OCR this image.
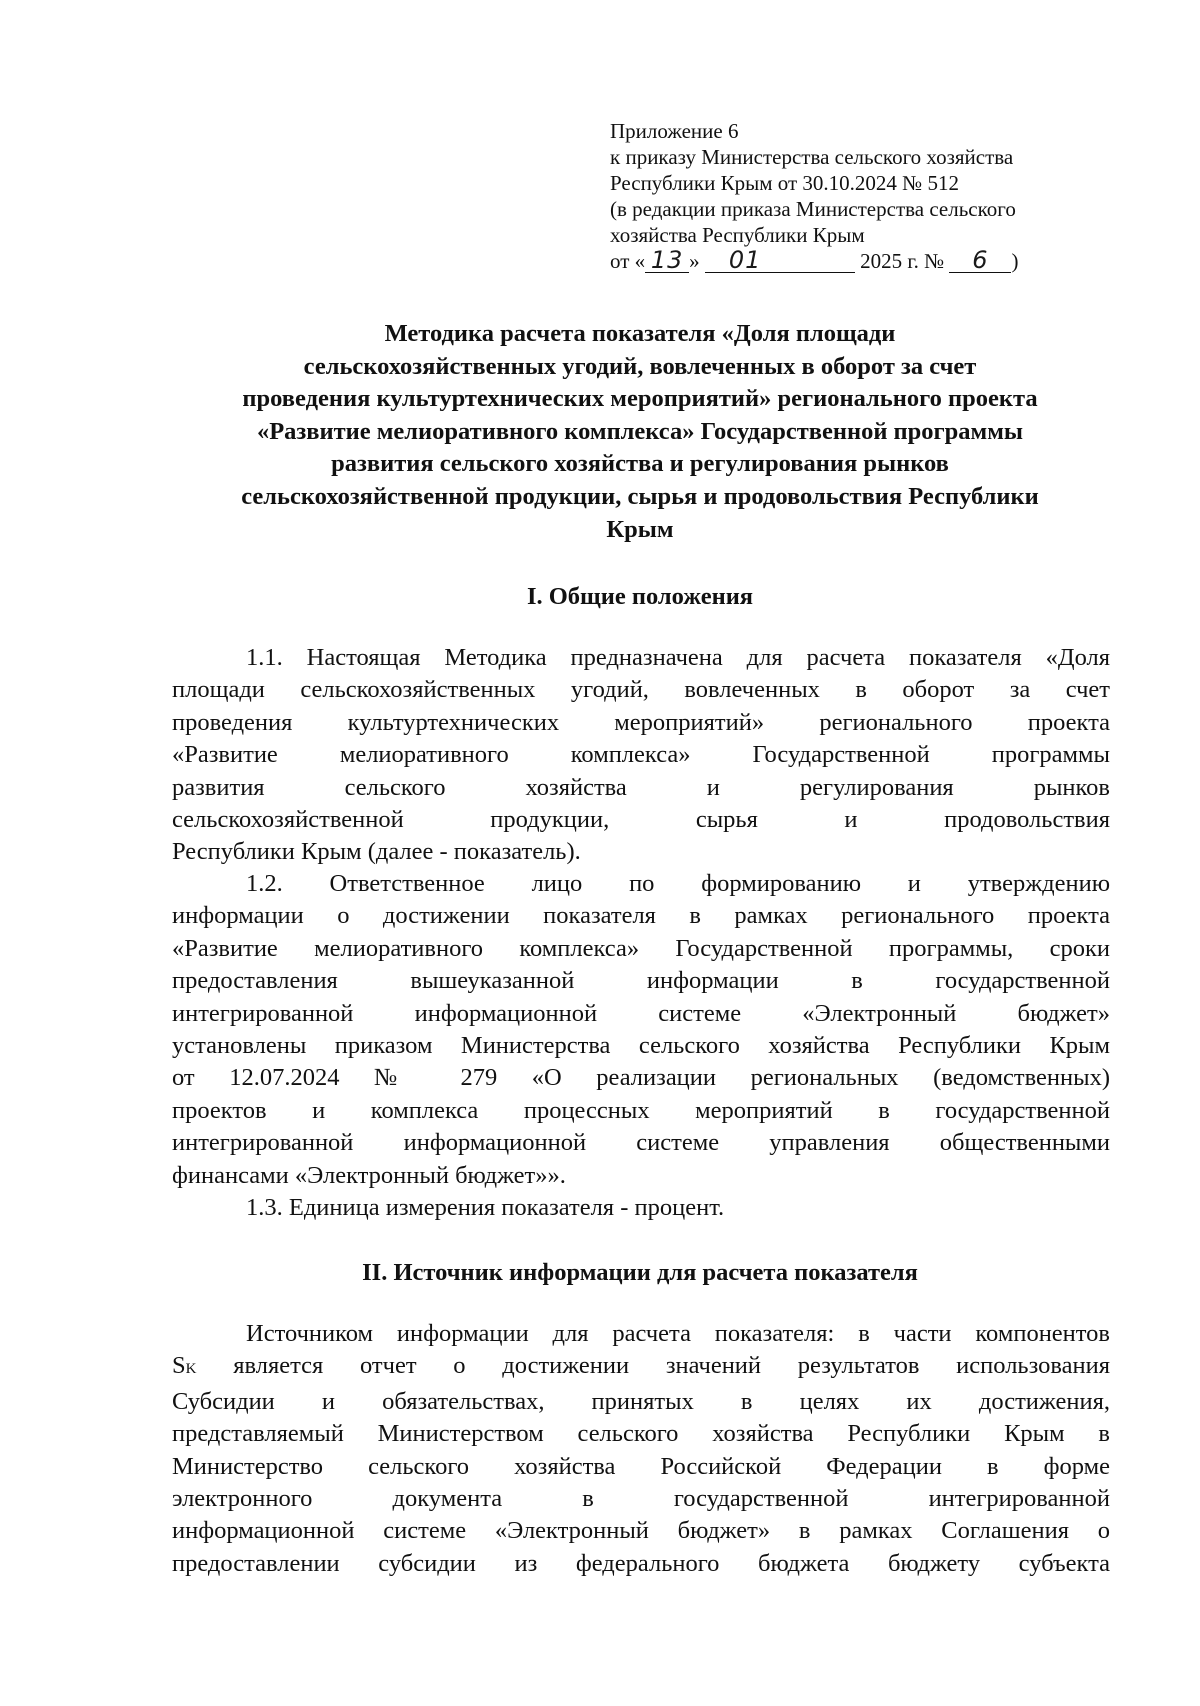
Приложение 6
к приказу Министерства сельского хозяйства
Республики Крым от 30.10.2024 № 512
(в редакции приказа Министерства сельского
хозяйства Республики Крым
от « 13 » 01	2025 г. № 6 )
Методика расчета показателя «Доля площади
сельскохозяйственных угодий, вовлеченных в оборот за счет
проведения культуртехнических мероприятий» регионального проекта
«Развитие мелиоративного комплекса» Государственной программы
развития сельского хозяйства и регулирования рынков
сельскохозяйственной продукции, сырья и продовольствия Республики
Крым
I. Общие положения
1.1. Настоящая Методика предназначена для расчета показателя «Доля
площади сельскохозяйственных угодий, вовлеченных в оборот за счет
проведения культуртехнических мероприятий» регионального проекта
«Развитие мелиоративного комплекса» Государственной программы
развития сельского хозяйства и регулирования рынков
сельскохозяйственной продукции, сырья и продовольствия
Республики Крым (далее - показатель).
1.2. Ответственное лицо по формированию и утверждению
информации о достижении показателя в рамках регионального проекта
«Развитие мелиоративного комплекса» Государственной программы, сроки
предоставления вышеуказанной информации в государственной
интегрированной информационной системе «Электронный бюджет»
установлены приказом Министерства сельского хозяйства Республики Крым
от 12.07.2024 № 279 «О реализации региональных (ведомственных)
проектов и комплекса процессных мероприятий в государственной
интегрированной информационной системе управления общественными
финансами «Электронный бюджет»».
1.3. Единица измерения показателя - процент.
II. Источник информации для расчета показателя
Источником информации для расчета показателя: в части компонентов
SK является отчет о достижении значений результатов использования
Субсидии и обязательствах, принятых в целях их достижения,
представляемый Министерством сельского хозяйства Республики Крым в
Министерство сельского хозяйства Российской Федерации в форме
электронного документа в государственной интегрированной
информационной системе «Электронный бюджет» в рамках Соглашения о
предоставлении субсидии из федерального бюджета бюджету субъекта
